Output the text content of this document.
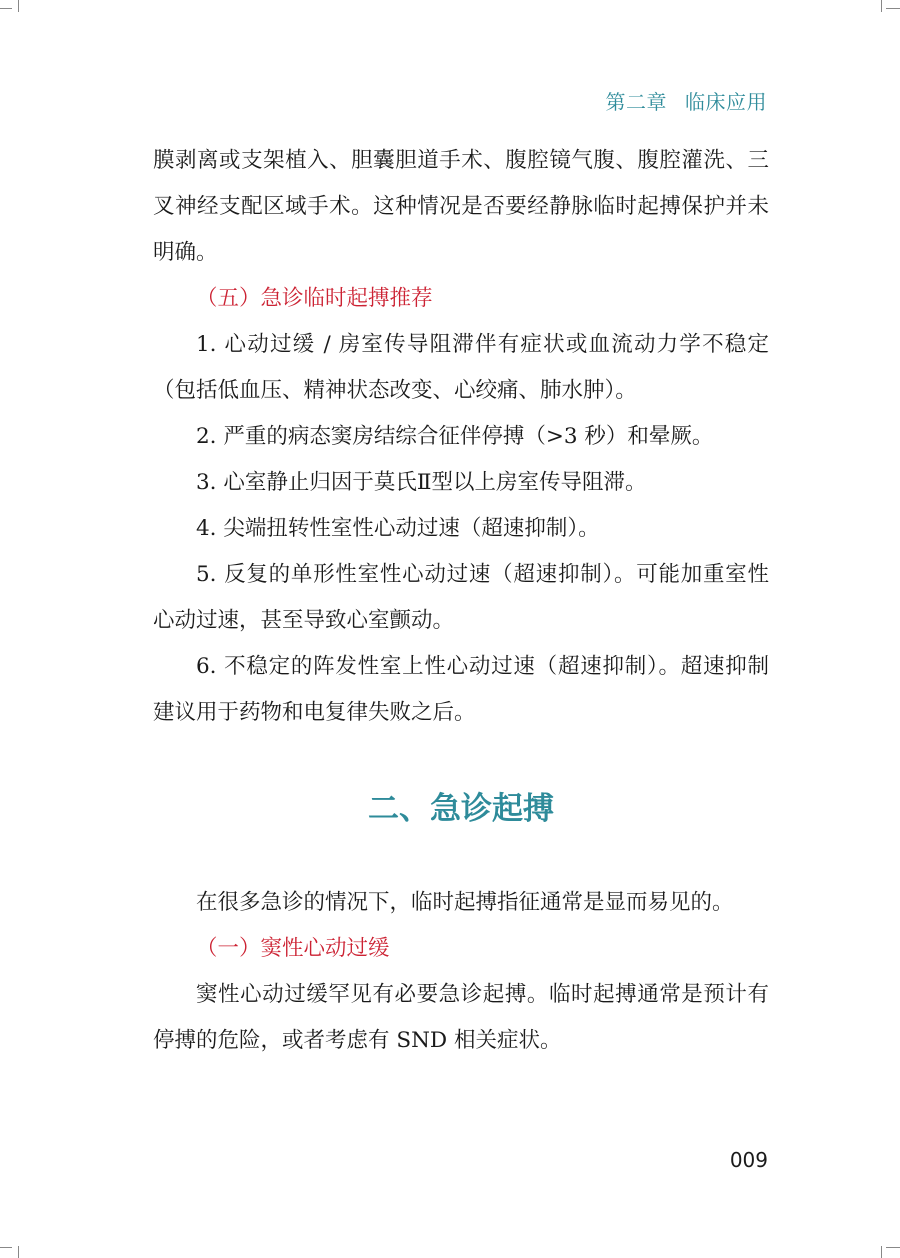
第二章 临床应用

膜剥离或支架植入、胆囊胆道手术、腹腔镜气腹、腹腔灌洗、三叉神经支配区域手术。这种情况是否要经静脉临时起搏保护并未明确。

（五）急诊临时起搏推荐

1. 心动过缓 / 房室传导阻滞伴有症状或血流动力学不稳定（包括低血压、精神状态改变、心绞痛、肺水肿）。

2. 严重的病态窦房结综合征伴停搏（>3 秒）和晕厥。

3. 心室静止归因于莫氏Ⅱ型以上房室传导阻滞。

4. 尖端扭转性室性心动过速（超速抑制）。

5. 反复的单形性室性心动过速（超速抑制）。可能加重室性心动过速，甚至导致心室颤动。

6. 不稳定的阵发性室上性心动过速（超速抑制）。超速抑制建议用于药物和电复律失败之后。

二、急诊起搏

在很多急诊的情况下，临时起搏指征通常是显而易见的。

（一）窦性心动过缓

窦性心动过缓罕见有必要急诊起搏。临时起搏通常是预计有停搏的危险，或者考虑有 SND 相关症状。

009
